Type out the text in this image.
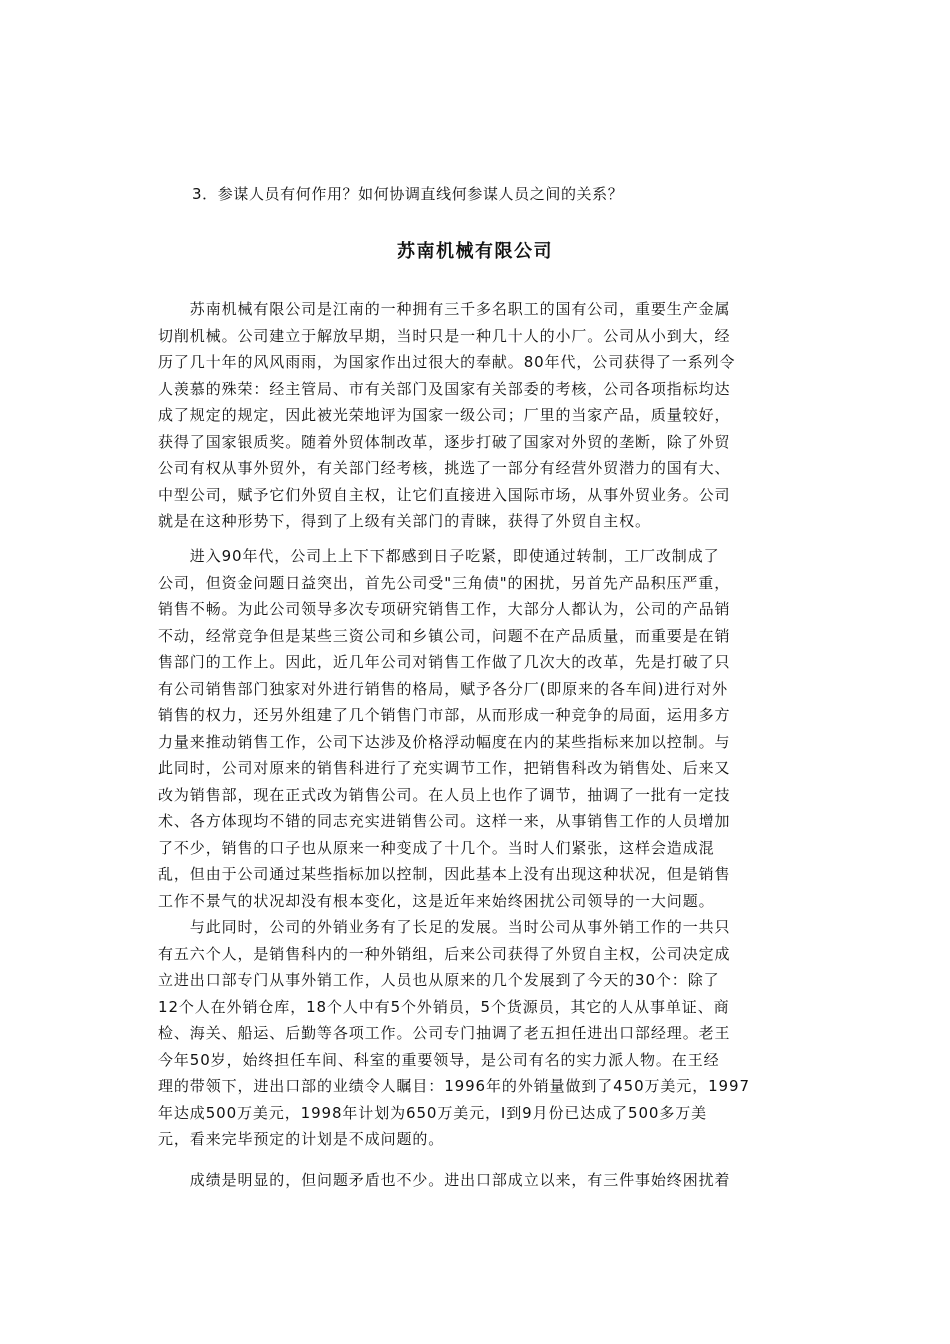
3．参谋人员有何作用？如何协调直线何参谋人员之间的关系？
苏南机械有限公司

　　苏南机械有限公司是江南的一种拥有三千多名职工的国有公司，重要生产金属

切削机械。公司建立于解放早期，当时只是一种几十人的小厂。公司从小到大，经

历了几十年的风风雨雨，为国家作出过很大的奉献。80年代，公司获得了一系列令

人羡慕的殊荣：经主管局、市有关部门及国家有关部委的考核，公司各项指标均达

成了规定的规定，因此被光荣地评为国家一级公司；厂里的当家产品，质量较好，

获得了国家银质奖。随着外贸体制改革，逐步打破了国家对外贸的垄断，除了外贸

公司有权从事外贸外，有关部门经考核，挑选了一部分有经营外贸潜力的国有大、

中型公司，赋予它们外贸自主权，让它们直接进入国际市场，从事外贸业务。公司

就是在这种形势下，得到了上级有关部门的青睐，获得了外贸自主权。

　　进入90年代，公司上上下下都感到日子吃紧，即使通过转制，工厂改制成了

公司，但资金问题日益突出，首先公司受"三角债"的困扰，另首先产品积压严重，

销售不畅。为此公司领导多次专项研究销售工作，大部分人都认为，公司的产品销

不动，经常竞争但是某些三资公司和乡镇公司，问题不在产品质量，而重要是在销

售部门的工作上。因此，近几年公司对销售工作做了几次大的改革，先是打破了只

有公司销售部门独家对外进行销售的格局，赋予各分厂(即原来的各车间)进行对外

销售的权力，还另外组建了几个销售门市部，从而形成一种竞争的局面，运用多方

力量来推动销售工作，公司下达涉及价格浮动幅度在内的某些指标来加以控制。与

此同时，公司对原来的销售科进行了充实调节工作，把销售科改为销售处、后来又

改为销售部，现在正式改为销售公司。在人员上也作了调节，抽调了一批有一定技

术、各方体现均不错的同志充实进销售公司。这样一来，从事销售工作的人员增加

了不少，销售的口子也从原来一种变成了十几个。当时人们紧张，这样会造成混

乱，但由于公司通过某些指标加以控制，因此基本上没有出现这种状况，但是销售

工作不景气的状况却没有根本变化，这是近年来始终困扰公司领导的一大问题。

　　与此同时，公司的外销业务有了长足的发展。当时公司从事外销工作的一共只

有五六个人，是销售科内的一种外销组，后来公司获得了外贸自主权，公司决定成

立进出口部专门从事外销工作，人员也从原来的几个发展到了今天的30个：除了

12个人在外销仓库，18个人中有5个外销员，5个货源员，其它的人从事单证、商

检、海关、船运、后勤等各项工作。公司专门抽调了老五担任进出口部经理。老王

今年50岁，始终担任车间、科室的重要领导，是公司有名的实力派人物。在王经

理的带领下，进出口部的业绩令人瞩目：1996年的外销量做到了450万美元，1997

年达成500万美元，1998年计划为650万美元，I到9月份已达成了500多万美

元，看来完毕预定的计划是不成问题的。

　　成绩是明显的，但问题矛盾也不少。进出口部成立以来，有三件事始终困扰着
